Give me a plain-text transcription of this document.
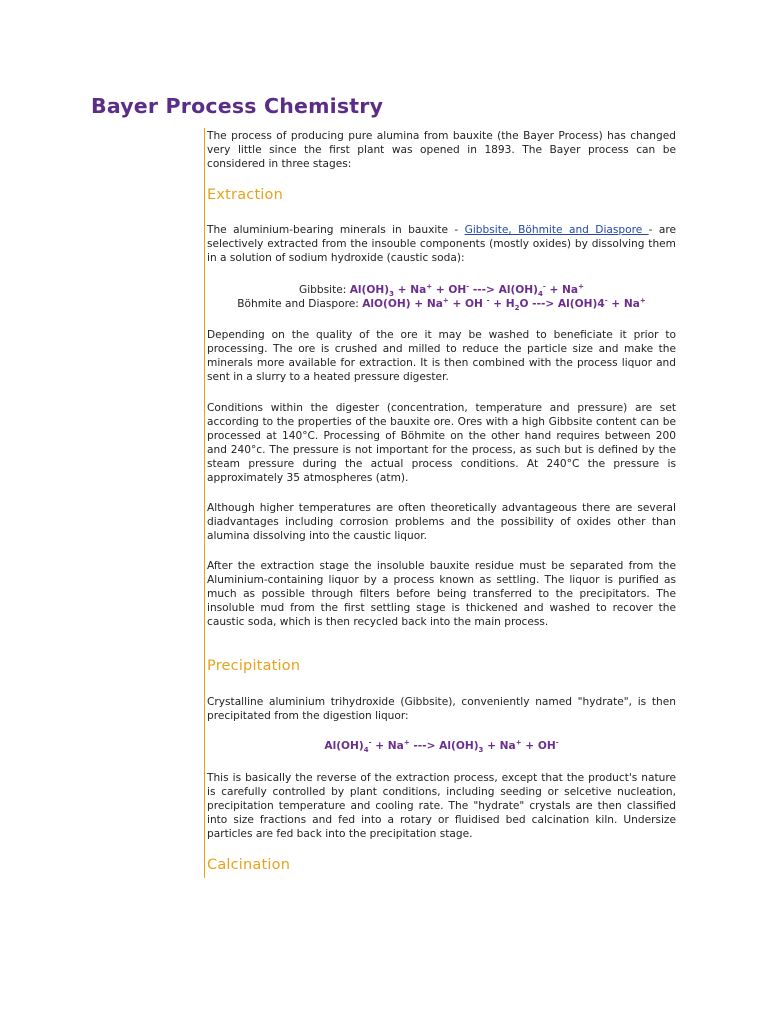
Bayer Process Chemistry

The process of producing pure alumina from bauxite (the Bayer Process) has changed very little since the first plant was opened in 1893. The Bayer process can be considered in three stages:

Extraction

The aluminium-bearing minerals in bauxite - Gibbsite, Böhmite and Diaspore - are selectively extracted from the insouble components (mostly oxides) by dissolving them in a solution of sodium hydroxide (caustic soda):

Gibbsite: $Al(OH)_3 + Na^+ + OH^-$ ---> $Al(OH)_4^- + Na^+$

Böhmite and Diaspore: AlO(OH) + Na+ + OH $^- + H_2O$ ---> Al(OH)4- + Na+

Depending on the quality of the ore it may be washed to beneficiate it prior to processing. The ore is crushed and milled to reduce the particle size and make the minerals more available for extraction. It is then combined with the process liquor and sent in a slurry to a heated pressure digester.

Conditions within the digester (concentration, temperature and pressure) are set according to the properties of the bauxite ore. Ores with a high Gibbsite content can be processed at 140°C. Processing of Böhmite on the other hand requires between 200 and 240°c. The pressure is not important for the process, as such but is defined by the steam pressure during the actual process conditions. At 240°C the pressure is approximately 35 atmospheres (atm).

Although higher temperatures are often theoretically advantageous there are several diadvantages including corrosion problems and the possibility of oxides other than alumina dissolving into the caustic liquor.

After the extraction stage the insoluble bauxite residue must be separated from the Aluminium-containing liquor by a process known as settling. The liquor is purified as much as possible through filters before being transferred to the precipitators. The insoluble mud from the first settling stage is thickened and washed to recover the caustic soda, which is then recycled back into the main process.

Precipitation

Crystalline aluminium trihydroxide (Gibbsite), conveniently named "hydrate", is then precipitated from the digestion liquor:

$Al(OH)_4^- + Na^+$ ---> $Al(OH)_3 + Na^+ + OH^-$

This is basically the reverse of the extraction process, except that the product's nature is carefully controlled by plant conditions, including seeding or selcetive nucleation, precipitation temperature and cooling rate. The "hydrate" crystals are then classified into size fractions and fed into a rotary or fluidised bed calcination kiln. Undersize particles are fed back into the precipitation stage.

Calcination
